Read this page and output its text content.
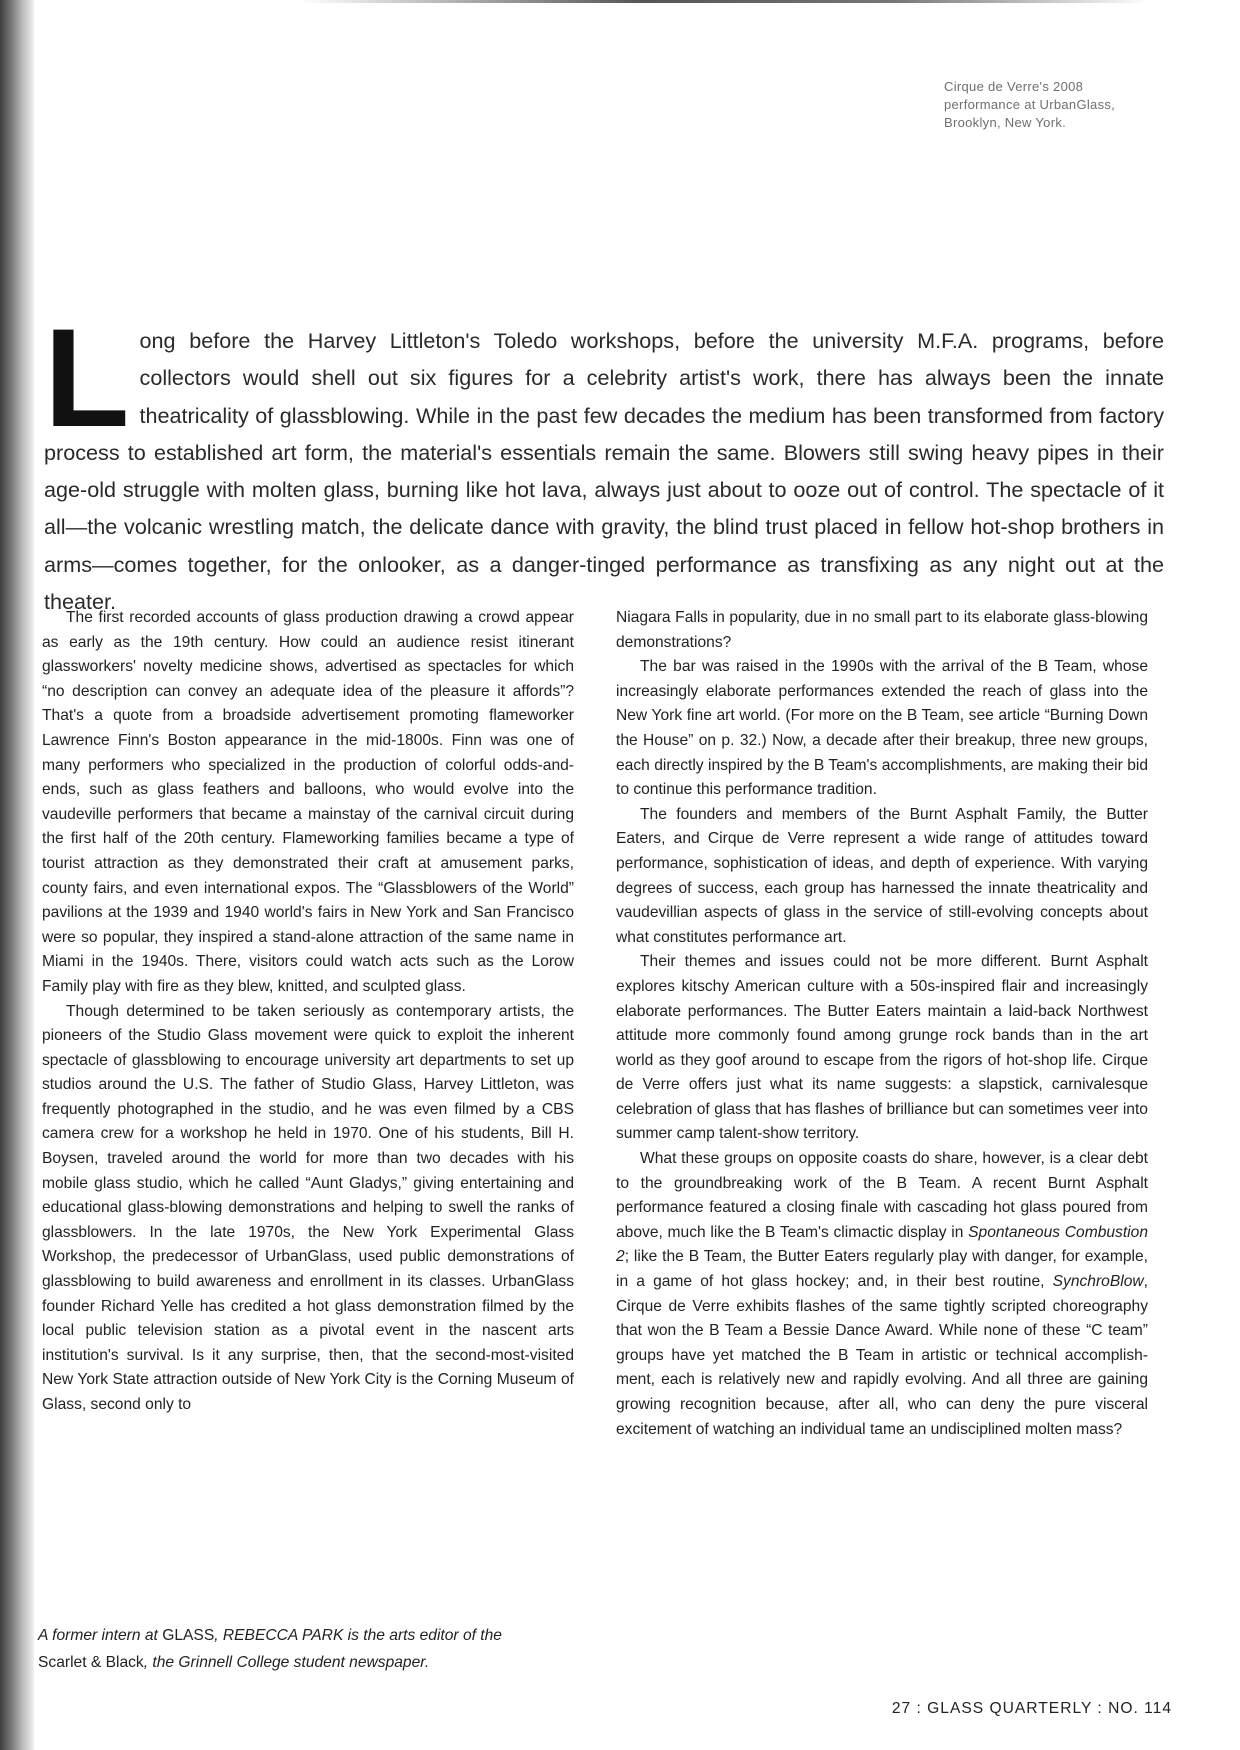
Cirque de Verre's 2008
performance at UrbanGlass,
Brooklyn, New York.
L ong before the Harvey Littleton's Toledo workshops, before the university M.F.A. programs, before collectors would shell out six figures for a celebrity artist's work, there has always been the innate theatricality of glassblowing. While in the past few decades the medium has been transformed from factory process to established art form, the material's essentials remain the same. Blowers still swing heavy pipes in their age-old struggle with molten glass, burning like hot lava, always just about to ooze out of control. The spectacle of it all—the volcanic wrestling match, the delicate dance with gravity, the blind trust placed in fellow hot-shop brothers in arms—comes together, for the onlooker, as a danger-tinged performance as transfixing as any night out at the theater.

The first recorded accounts of glass production drawing a crowd appear as early as the 19th century. How could an audience resist itinerant glassworkers' novelty medicine shows, advertised as spectacles for which “no description can convey an adequate idea of the pleasure it affords”? That's a quote from a broadside advertisement promoting flameworker Lawrence Finn's Boston appearance in the mid-1800s. Finn was one of many performers who specialized in the production of colorful odds-and-ends, such as glass feathers and balloons, who would evolve into the vaudeville performers that became a mainstay of the carnival circuit during the first half of the 20th century. Flameworking families became a type of tourist attraction as they demonstrated their craft at amusement parks, county fairs, and even international expos. The “Glassblowers of the World” pavilions at the 1939 and 1940 world's fairs in New York and San Francisco were so popular, they inspired a stand-alone attraction of the same name in Miami in the 1940s. There, visitors could watch acts such as the Lorow Family play with fire as they blew, knitted, and sculpted glass.

Though determined to be taken seriously as contemporary artists, the pioneers of the Studio Glass movement were quick to exploit the inherent spectacle of glassblowing to encourage university art departments to set up studios around the U.S. The father of Studio Glass, Harvey Littleton, was frequently photographed in the studio, and he was even filmed by a CBS camera crew for a workshop he held in 1970. One of his students, Bill H. Boysen, traveled around the world for more than two decades with his mobile glass studio, which he called “Aunt Gladys,” giving entertaining and educational glass-blowing demonstrations and helping to swell the ranks of glassblowers. In the late 1970s, the New York Experimental Glass Workshop, the predecessor of UrbanGlass, used public demonstrations of glassblowing to build awareness and enrollment in its classes. UrbanGlass founder Richard Yelle has credited a hot glass demonstration filmed by the local public television station as a pivotal event in the nascent arts institution's survival. Is it any surprise, then, that the second-most-visited New York State attraction outside of New York City is the Corning Museum of Glass, second only to

Niagara Falls in popularity, due in no small part to its elaborate glass-blowing demonstrations?

The bar was raised in the 1990s with the arrival of the B Team, whose increasingly elaborate performances extended the reach of glass into the New York fine art world. (For more on the B Team, see article “Burning Down the House” on p. 32.) Now, a decade after their breakup, three new groups, each directly inspired by the B Team's accomplishments, are making their bid to continue this performance tradition.

The founders and members of the Burnt Asphalt Family, the Butter Eaters, and Cirque de Verre represent a wide range of attitudes toward performance, sophistication of ideas, and depth of experience. With varying degrees of success, each group has harnessed the innate theatricality and vaudevillian aspects of glass in the service of still-evolving concepts about what constitutes performance art.

Their themes and issues could not be more different. Burnt Asphalt explores kitschy American culture with a 50s-inspired flair and increasingly elaborate performances. The Butter Eaters maintain a laid-back Northwest attitude more commonly found among grunge rock bands than in the art world as they goof around to escape from the rigors of hot-shop life. Cirque de Verre offers just what its name suggests: a slapstick, carnivalesque celebration of glass that has flashes of brilliance but can sometimes veer into summer camp talent-show territory.

What these groups on opposite coasts do share, however, is a clear debt to the groundbreaking work of the B Team. A recent Burnt Asphalt performance featured a closing finale with cascading hot glass poured from above, much like the B Team's climactic display in Spontaneous Combustion 2; like the B Team, the Butter Eaters regularly play with danger, for example, in a game of hot glass hockey; and, in their best routine, SynchroBlow, Cirque de Verre exhibits flashes of the same tightly scripted choreography that won the B Team a Bessie Dance Award. While none of these “C team” groups have yet matched the B Team in artistic or technical accomplish-ment, each is relatively new and rapidly evolving. And all three are gaining growing recognition because, after all, who can deny the pure visceral excitement of watching an individual tame an undisciplined molten mass?

A former intern at GLASS, REBECCA PARK is the arts editor of the
Scarlet & Black, the Grinnell College student newspaper.
27 : GLASS QUARTERLY : NO. 114
